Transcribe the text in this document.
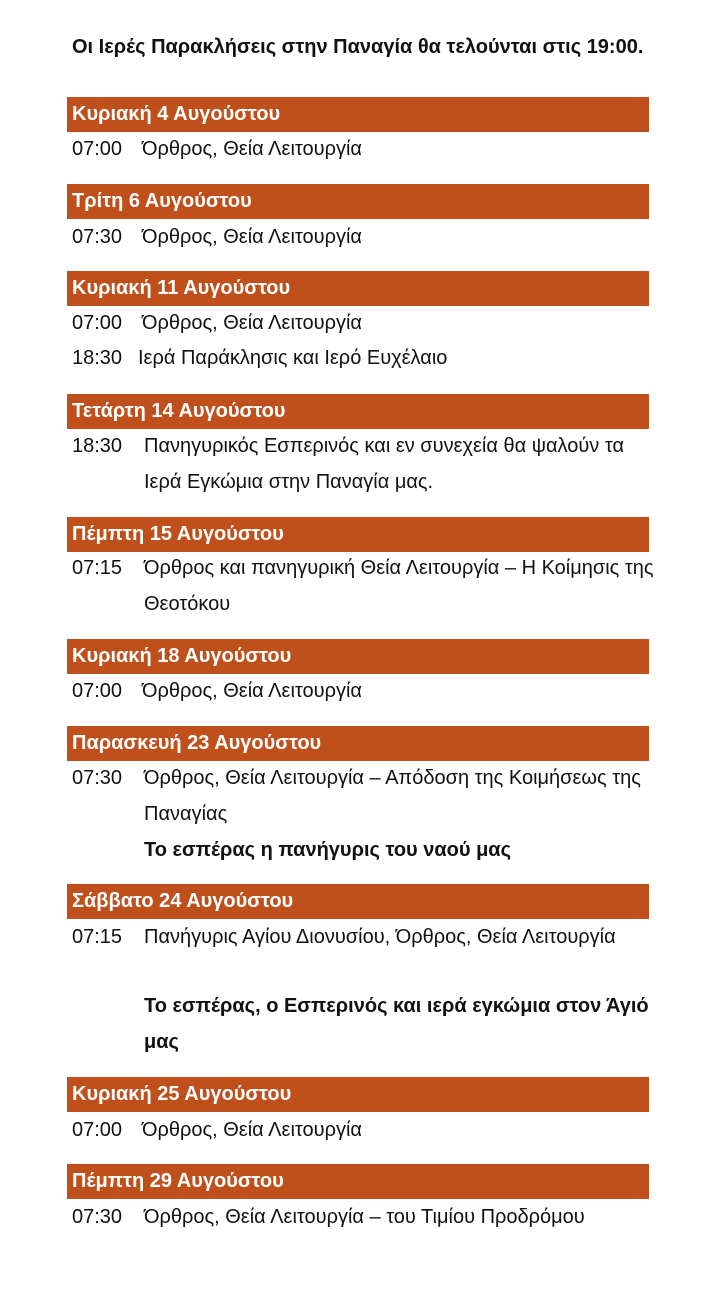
Οι Ιερές Παρακλήσεις στην Παναγία θα τελούνται στις 19:00.
Κυριακή 4 Αυγούστου
07:00 Όρθρος, Θεία Λειτουργία
Τρίτη 6 Αυγούστου
07:30 Όρθρος, Θεία Λειτουργία
Κυριακή 11 Αυγούστου
07:00 Όρθρος, Θεία Λειτουργία
18:30 Ιερά Παράκλησις και Ιερό Ευχέλαιο
Τετάρτη 14 Αυγούστου
18:30	Πανηγυρικός Εσπερινός και εν συνεχεία θα ψαλούν τα Ιερά Εγκώμια στην Παναγία μας.
Πέμπτη 15 Αυγούστου
07:15	Όρθρος και πανηγυρική Θεία Λειτουργία – Η Κοίμησις της Θεοτόκου
Κυριακή 18 Αυγούστου
07:00 Όρθρος, Θεία Λειτουργία
Παρασκευή 23 Αυγούστου
07:30	Όρθρος, Θεία Λειτουργία – Απόδοση της Κοιμήσεως της Παναγίας
Το εσπέρας η πανήγυρις του ναού μας
Σάββατο 24 Αυγούστου
07:15	Πανήγυρις Αγίου Διονυσίου, Όρθρος, Θεία Λειτουργία
Το εσπέρας, ο Εσπερινός και ιερά εγκώμια στον Άγιό μας
Κυριακή 25 Αυγούστου
07:00 Όρθρος, Θεία Λειτουργία
Πέμπτη 29 Αυγούστου
07:30	Όρθρος, Θεία Λειτουργία – του Τιμίου Προδρόμου
